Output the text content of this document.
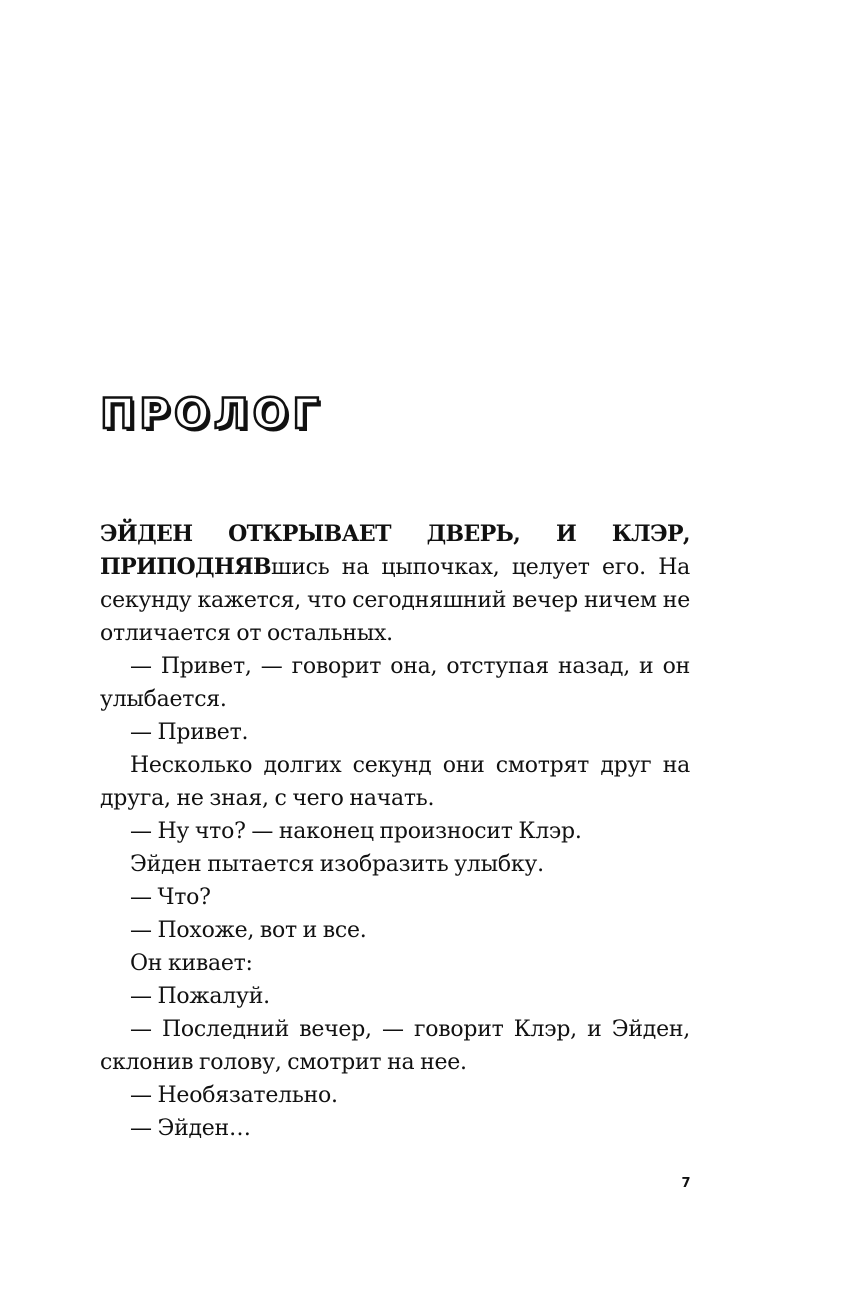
ПРОЛОГ

ЭЙДЕН ОТКРЫВАЕТ ДВЕРЬ, И КЛЭР, ПРИПОДНЯВшись на цыпочках, целует его. На секунду кажется, что сегодняшний вечер ничем не отличается от остальных.

— Привет, — говорит она, отступая назад, и он улыбается.

— Привет.

Несколько долгих секунд они смотрят друг на друга, не зная, с чего начать.

— Ну что? — наконец произносит Клэр.

Эйден пытается изобразить улыбку.

— Что?

— Похоже, вот и все.

Он кивает:

— Пожалуй.

— Последний вечер, — говорит Клэр, и Эйден, склонив голову, смотрит на нее.

— Необязательно.

— Эйден…

7
